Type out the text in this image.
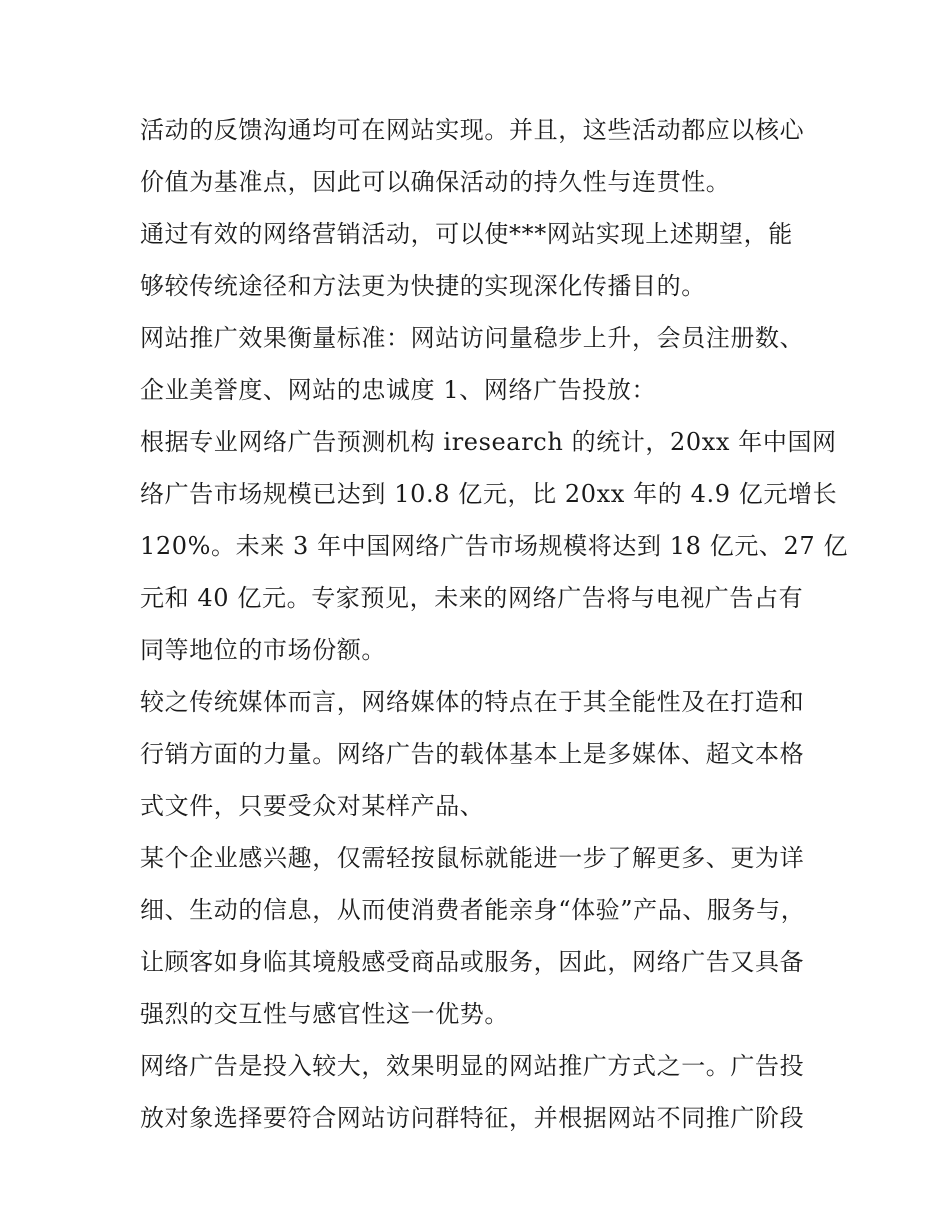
活动的反馈沟通均可在网站实现。并且，这些活动都应以核心
价值为基准点，因此可以确保活动的持久性与连贯性。
通过有效的网络营销活动，可以使***网站实现上述期望，能
够较传统途径和方法更为快捷的实现深化传播目的。
网站推广效果衡量标准：网站访问量稳步上升，会员注册数、
企业美誉度、网站的忠诚度 1、网络广告投放：
根据专业网络广告预测机构 iresearch 的统计，20xx 年中国网
络广告市场规模已达到 10.8 亿元，比 20xx 年的 4.9 亿元增长
120%。未来 3 年中国网络广告市场规模将达到 18 亿元、27 亿
元和 40 亿元。专家预见，未来的网络广告将与电视广告占有
同等地位的市场份额。
较之传统媒体而言，网络媒体的特点在于其全能性及在打造和
行销方面的力量。网络广告的载体基本上是多媒体、超文本格
式文件，只要受众对某样产品、
某个企业感兴趣，仅需轻按鼠标就能进一步了解更多、更为详
细、生动的信息，从而使消费者能亲身“体验”产品、服务与，
让顾客如身临其境般感受商品或服务，因此，网络广告又具备
强烈的交互性与感官性这一优势。
网络广告是投入较大，效果明显的网站推广方式之一。广告投
放对象选择要符合网站访问群特征，并根据网站不同推广阶段
